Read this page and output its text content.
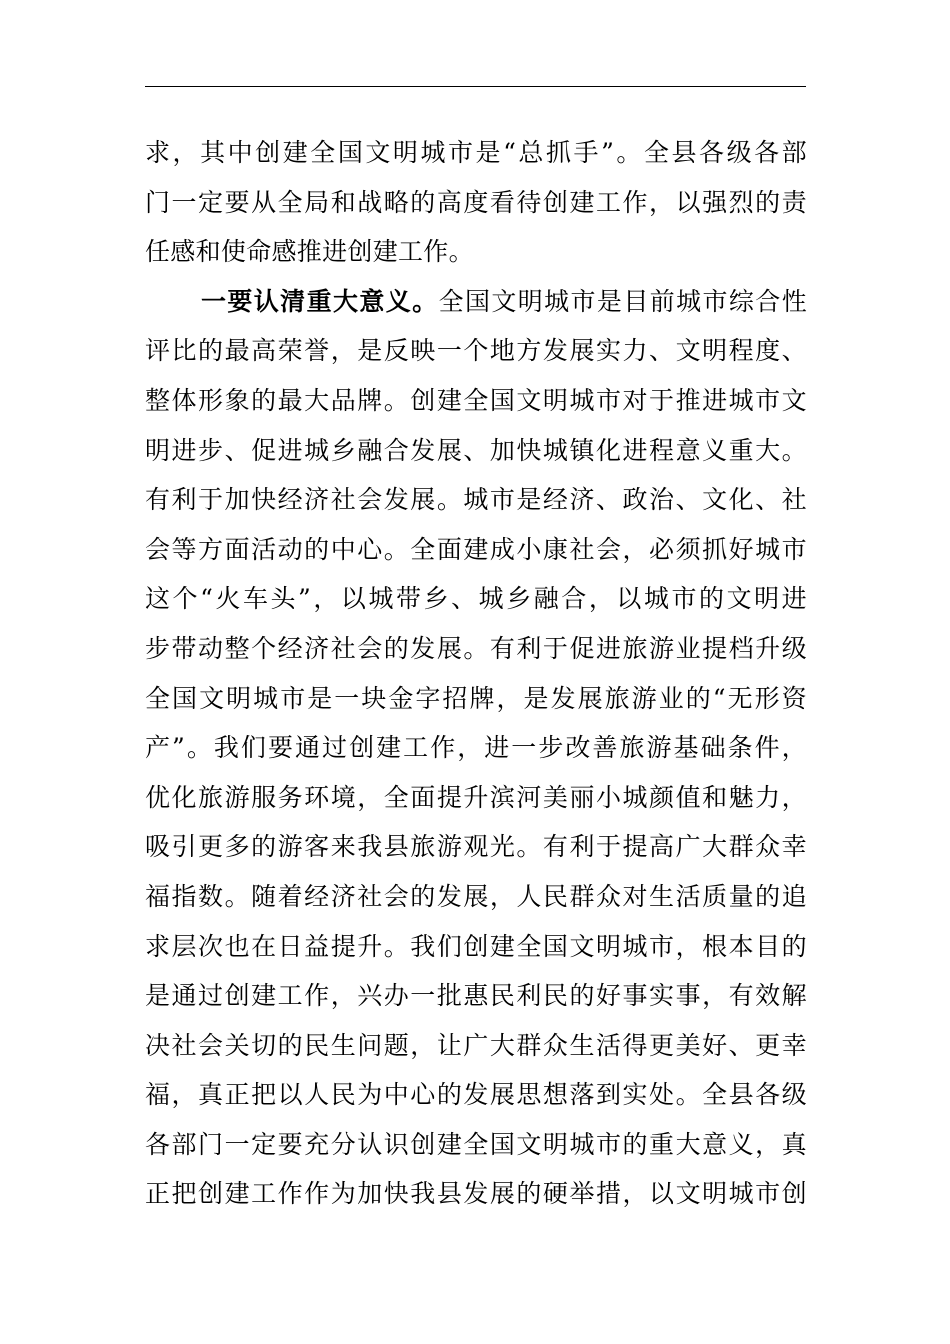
求，其中创建全国文明城市是“总抓手”。全县各级各部
门一定要从全局和战略的高度看待创建工作，以强烈的责
任感和使命感推进创建工作。
一要认清重大意义。全国文明城市是目前城市综合性
评比的最高荣誉，是反映一个地方发展实力、文明程度、
整体形象的最大品牌。创建全国文明城市对于推进城市文
明进步、促进城乡融合发展、加快城镇化进程意义重大。
有利于加快经济社会发展。城市是经济、政治、文化、社
会等方面活动的中心。全面建成小康社会，必须抓好城市
这个“火车头”，以城带乡、城乡融合，以城市的文明进
步带动整个经济社会的发展。有利于促进旅游业提档升级
全国文明城市是一块金字招牌，是发展旅游业的“无形资
产”。我们要通过创建工作，进一步改善旅游基础条件，
优化旅游服务环境，全面提升滨河美丽小城颜值和魅力，
吸引更多的游客来我县旅游观光。有利于提高广大群众幸
福指数。随着经济社会的发展，人民群众对生活质量的追
求层次也在日益提升。我们创建全国文明城市，根本目的
是通过创建工作，兴办一批惠民利民的好事实事，有效解
决社会关切的民生问题，让广大群众生活得更美好、更幸
福，真正把以人民为中心的发展思想落到实处。全县各级
各部门一定要充分认识创建全国文明城市的重大意义，真
正把创建工作作为加快我县发展的硬举措，以文明城市创
